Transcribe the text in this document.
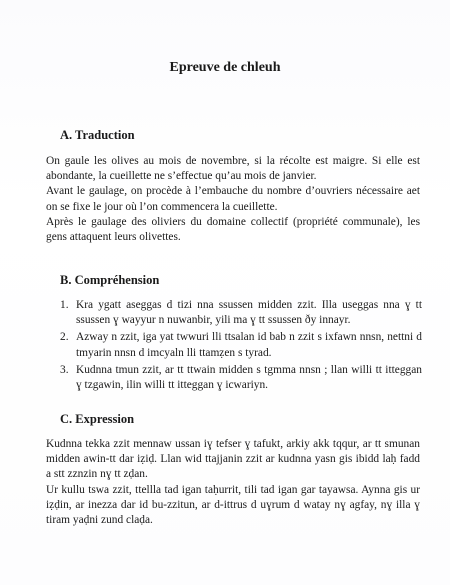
Epreuve de chleuh
A. Traduction

On gaule les olives au mois de novembre, si la récolte est maigre. Si elle est abondante, la cueillette ne s’effectue qu’au mois de janvier.

Avant le gaulage, on procède à l’embauche du nombre d’ouvriers nécessaire aet on se fixe le jour où l’on commencera la cueillette.

Après le gaulage des oliviers du domaine collectif (propriété communale), les gens attaquent leurs olivettes.

B. Compréhension
1. Kra ygatt aseggas d tizi nna ssussen midden zzit. Illa useggas nna ɣ tt ssussen ɣ wayyur n nuwanbir, yili ma ɣ tt ssussen ðy innayr.
2. Azway n zzit, iga yat twwuri lli ttsalan id bab n zzit s ixfawn nnsn, nettni d tmyarin nnsn d imcyaln lli ttamẓen s tyrad.
3. Kudnna tmun zzit, ar tt ttwain midden s tgmma nnsn ; llan willi tt itteggan ɣ tzgawin, ilin willi tt itteggan ɣ icwariyn.
C. Expression

Kudnna tekka zzit mennaw ussan iɣ tefser ɣ tafukt, arkiy akk tqqur, ar tt smunan midden awin-tt dar iẓiḍ. Llan wid ttajjanin zzit ar kudnna yasn gis ibidd laḥ fadd a stt zznzin nɣ tt zḍan.

Ur kullu tswa zzit, ttellla tad igan taḥurrit, tili tad igan gar tayawsa. Aynna gis ur iẓḍin, ar inezza dar id bu-zzitun, ar d-ittrus d uɣrum d watay nɣ agfay, nɣ illa ɣ tiram yaḍni zund claḍa.
